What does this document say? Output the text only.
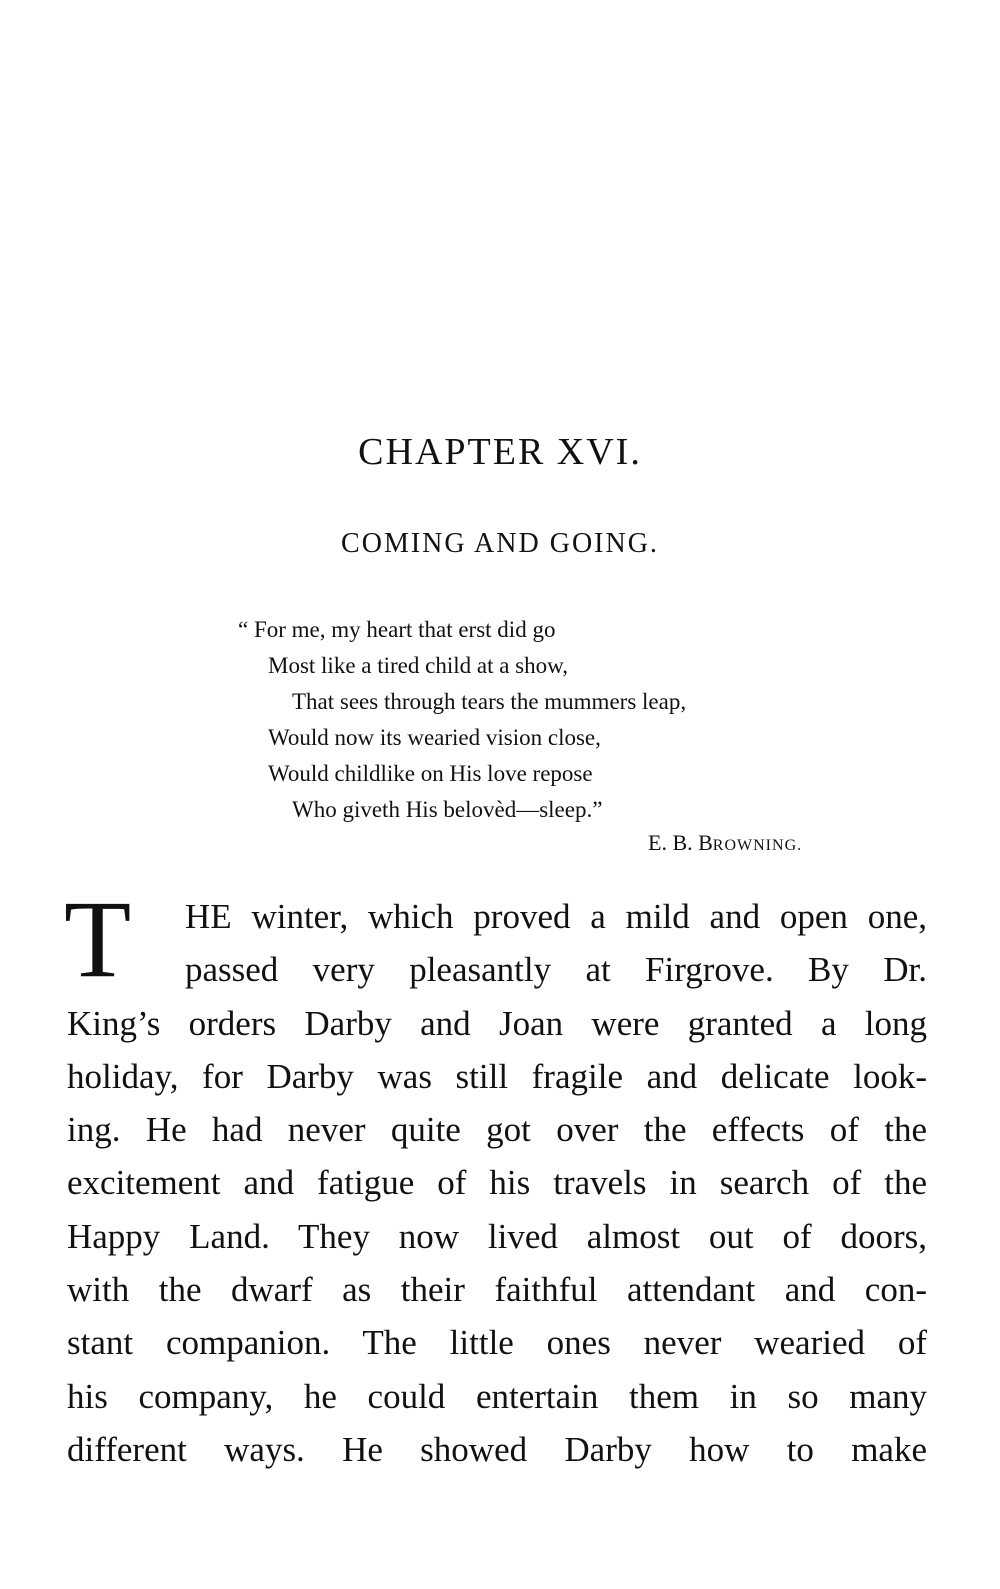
CHAPTER XVI.
COMING AND GOING.
“ For me, my heart that erst did go
Most like a tired child at a show,
That sees through tears the mummers leap,
Would now its wearied vision close,
Would childlike on His love repose
Who giveth His belovèd—sleep.”
E. B. BROWNING.
T	HE winter, which proved a mild and open one,
passed very pleasantly at Firgrove. By Dr.
King’s orders Darby and Joan were granted a long
holiday, for Darby was still fragile and delicate look-
ing. He had never quite got over the effects of the
excitement and fatigue of his travels in search of the
Happy Land. They now lived almost out of doors,
with the dwarf as their faithful attendant and con-
stant companion. The little ones never wearied of
his company, he could entertain them in so many
different ways. He showed Darby how to make
